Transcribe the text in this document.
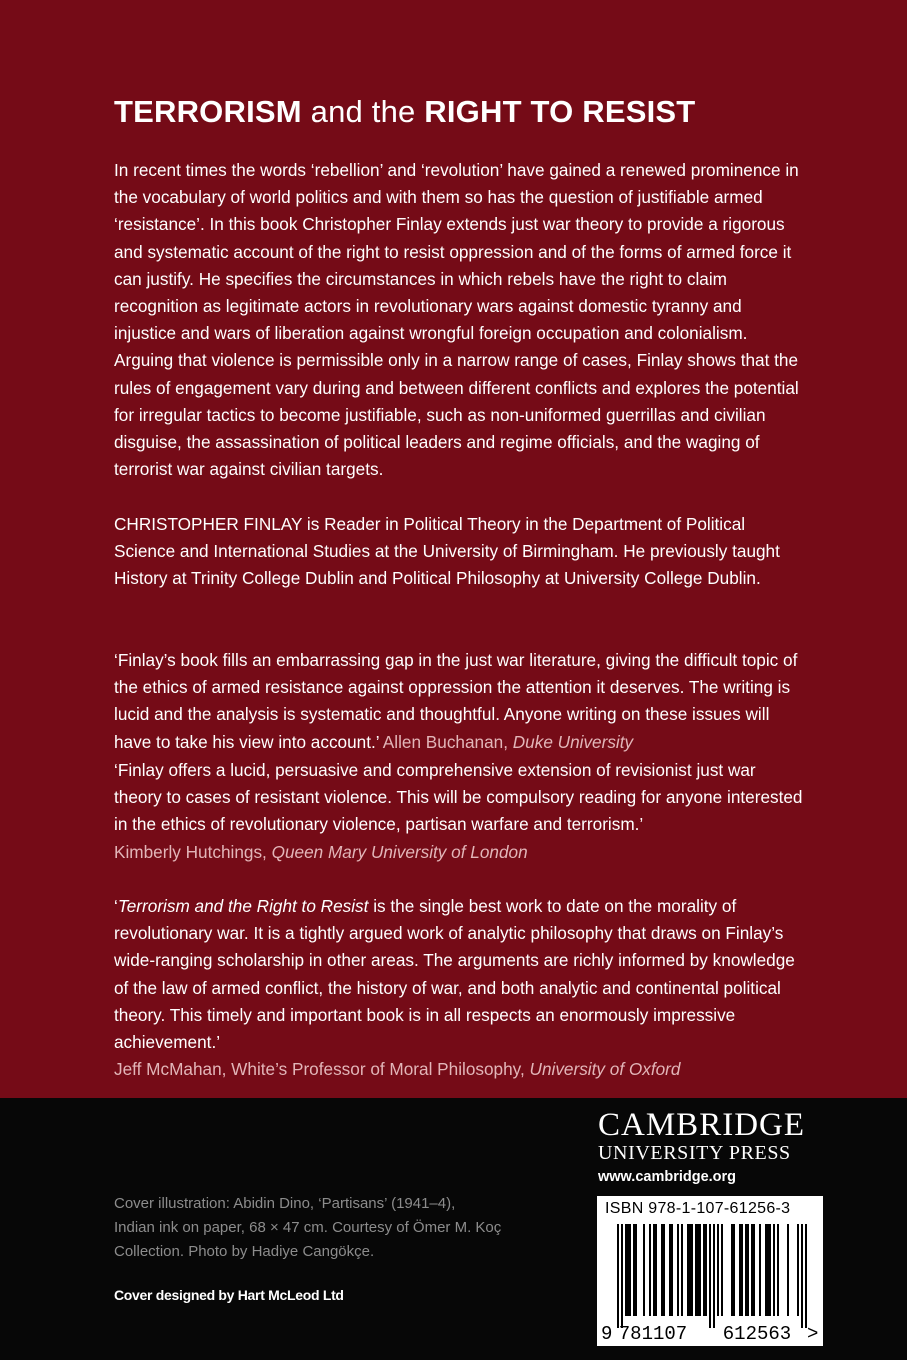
TERRORISM and the RIGHT TO RESIST

In recent times the words ‘rebellion’ and ‘revolution’ have gained a renewed prominence in the vocabulary of world politics and with them so has the question of justifiable armed ‘resistance’. In this book Christopher Finlay extends just war theory to provide a rigorous and systematic account of the right to resist oppression and of the forms of armed force it can justify. He specifies the circumstances in which rebels have the right to claim recognition as legitimate actors in revolutionary wars against domestic tyranny and injustice and wars of liberation against wrongful foreign occupation and colonialism. Arguing that violence is permissible only in a narrow range of cases, Finlay shows that the rules of engagement vary during and between different conflicts and explores the potential for irregular tactics to become justifiable, such as non-uniformed guerrillas and civilian disguise, the assassination of political leaders and regime officials, and the waging of terrorist war against civilian targets.

CHRISTOPHER FINLAY is Reader in Political Theory in the Department of Political Science and International Studies at the University of Birmingham. He previously taught History at Trinity College Dublin and Political Philosophy at University College Dublin.

‘Finlay’s book fills an embarrassing gap in the just war literature, giving the difficult topic of the ethics of armed resistance against oppression the attention it deserves. The writing is lucid and the analysis is systematic and thoughtful. Anyone writing on these issues will have to take his view into account.’ Allen Buchanan, Duke University

‘Finlay offers a lucid, persuasive and comprehensive extension of revisionist just war theory to cases of resistant violence. This will be compulsory reading for anyone interested in the ethics of revolutionary violence, partisan warfare and terrorism.’
Kimberly Hutchings, Queen Mary University of London

‘Terrorism and the Right to Resist is the single best work to date on the morality of revolutionary war. It is a tightly argued work of analytic philosophy that draws on Finlay’s wide-ranging scholarship in other areas. The arguments are richly informed by knowledge of the law of armed conflict, the history of war, and both analytic and continental political theory. This timely and important book is in all respects an enormously impressive achievement.’
Jeff McMahan, White’s Professor of Moral Philosophy, University of Oxford

Cover illustration: Abidin Dino, ‘Partisans’ (1941–4),
Indian ink on paper, 68 × 47 cm. Courtesy of Ömer M. Koç
Collection. Photo by Hadiye Cangökçe.

Cover designed by Hart McLeod Ltd

CAMBRIDGE
UNIVERSITY PRESS
www.cambridge.org

ISBN 978-1-107-61256-3

9 781107 612563 >
